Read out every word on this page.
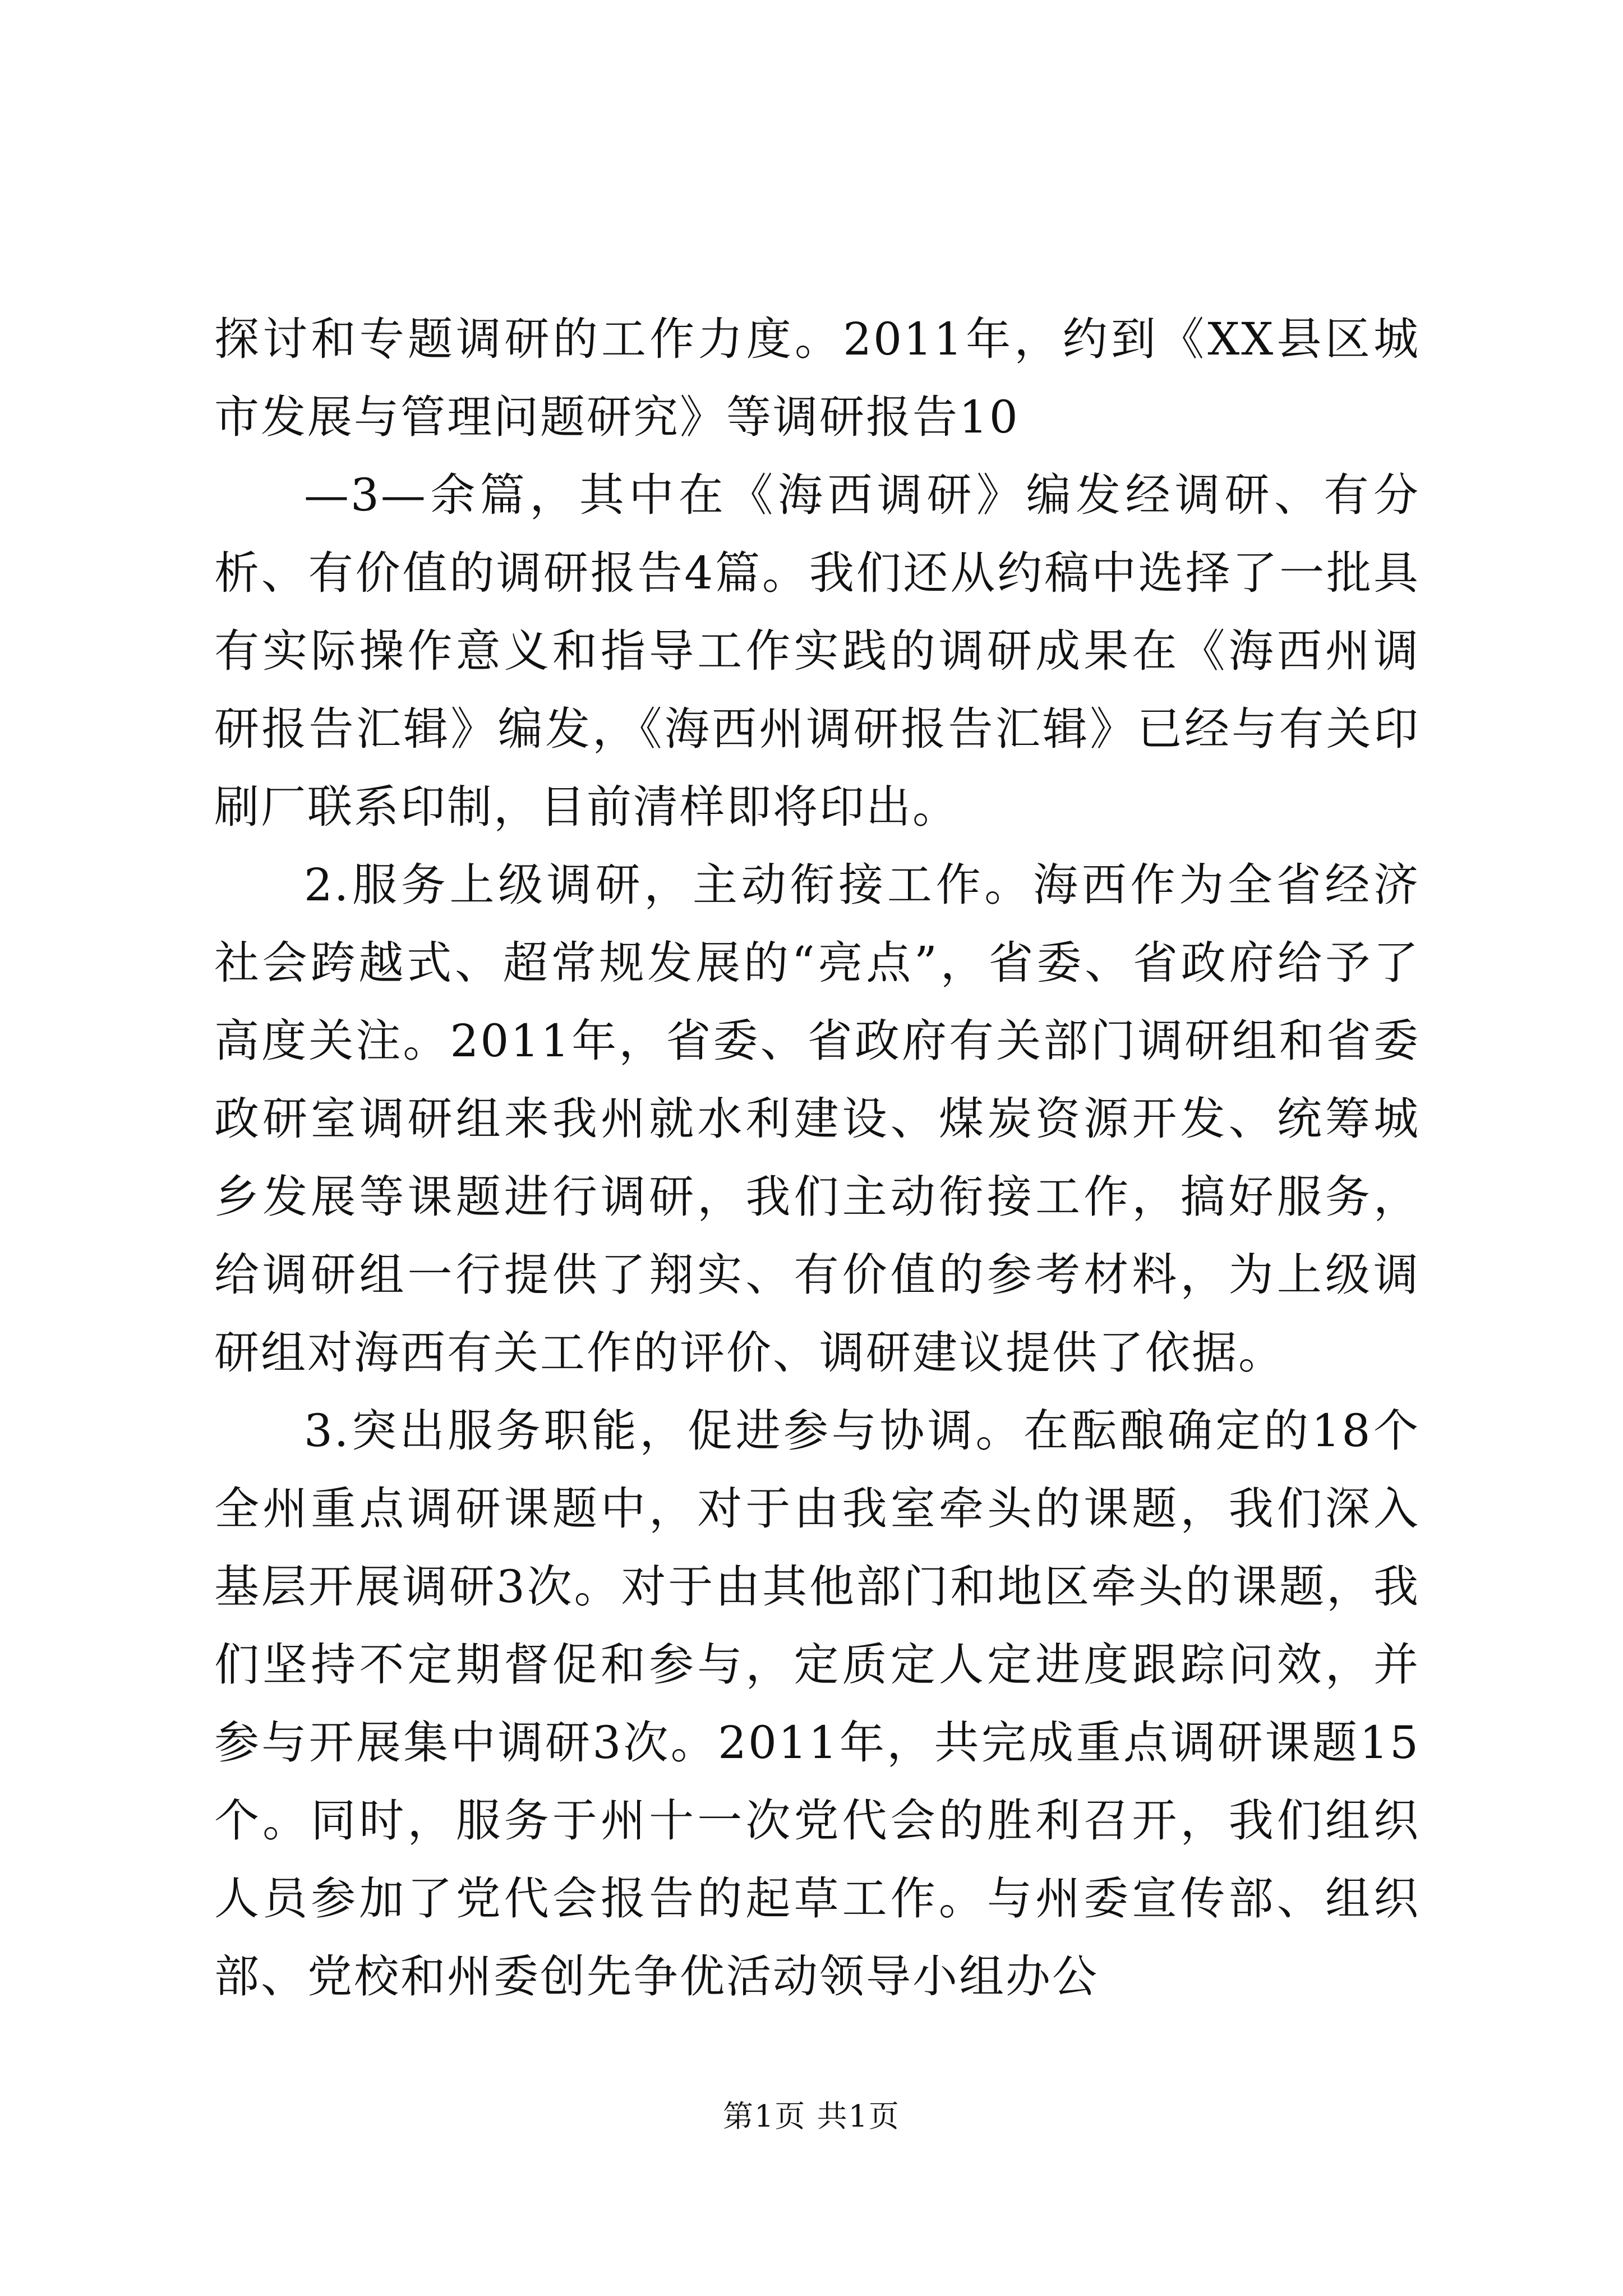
探讨和专题调研的工作力度。2011年，约到《XX县区城市发展与管理问题研究》等调研报告10

—3—余篇，其中在《海西调研》编发经调研、有分析、有价值的调研报告4篇。我们还从约稿中选择了一批具有实际操作意义和指导工作实践的调研成果在《海西州调研报告汇辑》编发，《海西州调研报告汇辑》已经与有关印刷厂联系印制，目前清样即将印出。

2.服务上级调研，主动衔接工作。海西作为全省经济社会跨越式、超常规发展的“亮点”，省委、省政府给予了高度关注。2011年，省委、省政府有关部门调研组和省委政研室调研组来我州就水利建设、煤炭资源开发、统筹城乡发展等课题进行调研，我们主动衔接工作，搞好服务，给调研组一行提供了翔实、有价值的参考材料，为上级调研组对海西有关工作的评价、调研建议提供了依据。

3.突出服务职能，促进参与协调。在酝酿确定的18个全州重点调研课题中，对于由我室牵头的课题，我们深入基层开展调研3次。对于由其他部门和地区牵头的课题，我们坚持不定期督促和参与，定质定人定进度跟踪问效，并参与开展集中调研3次。2011年，共完成重点调研课题15个。同时，服务于州十一次党代会的胜利召开，我们组织人员参加了党代会报告的起草工作。与州委宣传部、组织部、党校和州委创先争优活动领导小组办公

第1页 共1页
